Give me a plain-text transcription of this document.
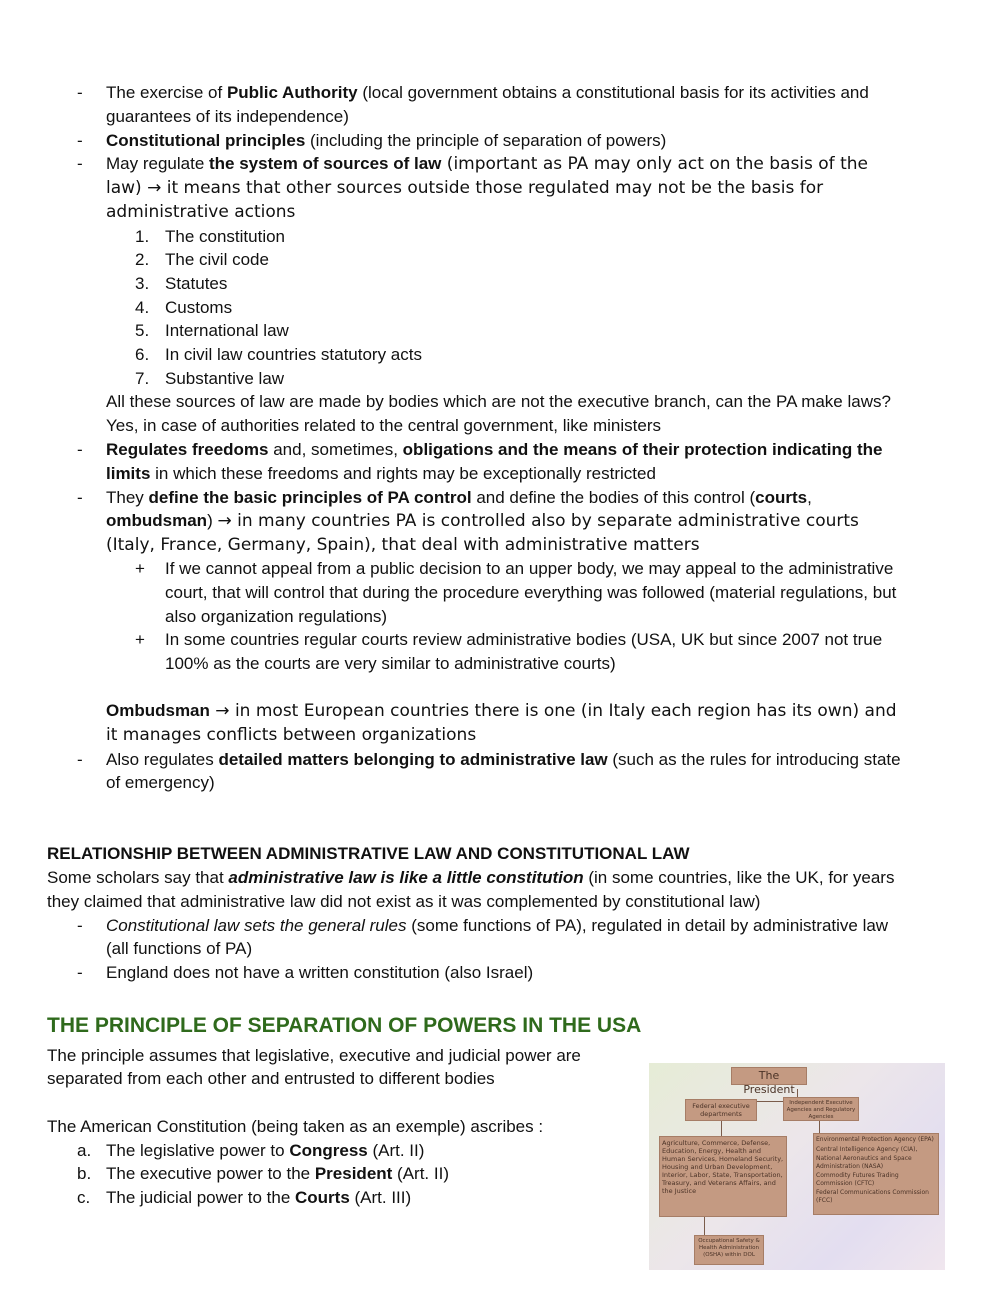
- The exercise of Public Authority (local government obtains a constitutional basis for its activities and
guarantees of its independence)
- Constitutional principles (including the principle of separation of powers)
- May regulate the system of sources of law (important as PA may only act on the basis of the
law) → it means that other sources outside those regulated may not be the basis for
administrative actions
1. The constitution
2. The civil code
3. Statutes
4. Customs
5. International law
6. In civil law countries statutory acts
7. Substantive law
All these sources of law are made by bodies which are not the executive branch, can the PA make laws?
Yes, in case of authorities related to the central government, like ministers
- Regulates freedoms and, sometimes, obligations and the means of their protection indicating the
limits in which these freedoms and rights may be exceptionally restricted
- They define the basic principles of PA control and define the bodies of this control (courts,
ombudsman) → in many countries PA is controlled also by separate administrative courts
(Italy, France, Germany, Spain), that deal with administrative matters
+ If we cannot appeal from a public decision to an upper body, we may appeal to the administrative
court, that will control that during the procedure everything was followed (material regulations, but
also organization regulations)
+ In some countries regular courts review administrative bodies (USA, UK but since 2007 not true
100% as the courts are very similar to administrative courts)
Ombudsman → in most European countries there is one (in Italy each region has its own) and
it manages conflicts between organizations
- Also regulates detailed matters belonging to administrative law (such as the rules for introducing state
of emergency)
RELATIONSHIP BETWEEN ADMINISTRATIVE LAW AND CONSTITUTIONAL LAW
Some scholars say that administrative law is like a little constitution (in some countries, like the UK, for years
they claimed that administrative law did not exist as it was complemented by constitutional law)
- Constitutional law sets the general rules (some functions of PA), regulated in detail by administrative law
(all functions of PA)
- England does not have a written constitution (also Israel)
THE PRINCIPLE OF SEPARATION OF POWERS IN THE USA
The principle assumes that legislative, executive and judicial power are
separated from each other and entrusted to different bodies
The American Constitution (being taken as an exemple) ascribes :
a. The legislative power to Congress (Art. II)
b. The executive power to the President (Art. II)
c. The judicial power to the Courts (Art. III)
The President
Federal executive departments
Independent Executive Agencies and Regulatory Agencies
Agriculture, Commerce, Defense, Education, Energy, Health and Human Services, Homeland Security, Housing and Urban Development, Interior, Labor, State, Transportation, Treasury, and Veterans Affairs, and the Justice
Environmental Protection Agency (EPA)
Central Intelligence Agency (CIA),
National Aeronautics and Space Administration (NASA)
Commodity Futures Trading Commission (CFTC)
Federal Communications Commission (FCC)
Occupational Safety & Health Administration (OSHA) within DOL
